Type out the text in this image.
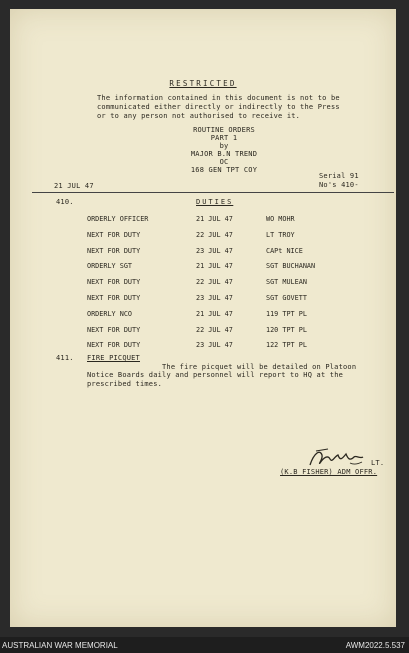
RESTRICTED
The information contained in this document is not to be
communicated either directly or indirectly to the Press
or to any person not authorised to receive it.
ROUTINE ORDERS
PART 1
by
MAJOR B.N TREND
OC
168 GEN TPT COY
21 JUL 47
Serial 91
No's 410-
410.	DUTIES
ORDERLY OFFICER	21 JUL 47	WO MOHR
NEXT FOR DUTY	22 JUL 47	LT TROY
NEXT FOR DUTY	23 JUL 47	CAPt NICE
ORDERLY SGT	21 JUL 47	SGT BUCHANAN
NEXT FOR DUTY	22 JUL 47	SGT MULEAN
NEXT FOR DUTY	23 JUL 47	SGT GOVETT
ORDERLY NCO	21 JUL 47	119 TPT PL
NEXT FOR DUTY	22 JUL 47	120 TPT PL
NEXT FOR DUTY	23 JUL 47	122 TPT PL
411. FIRE PICQUET
The fire picquet will be detailed on Platoon
Notice Boards daily and personnel will report to HQ at the
prescribed times.
LT.
(K.B FISHER) ADM OFFR.
AUSTRALIAN WAR MEMORIAL	AWM2022.5.537
